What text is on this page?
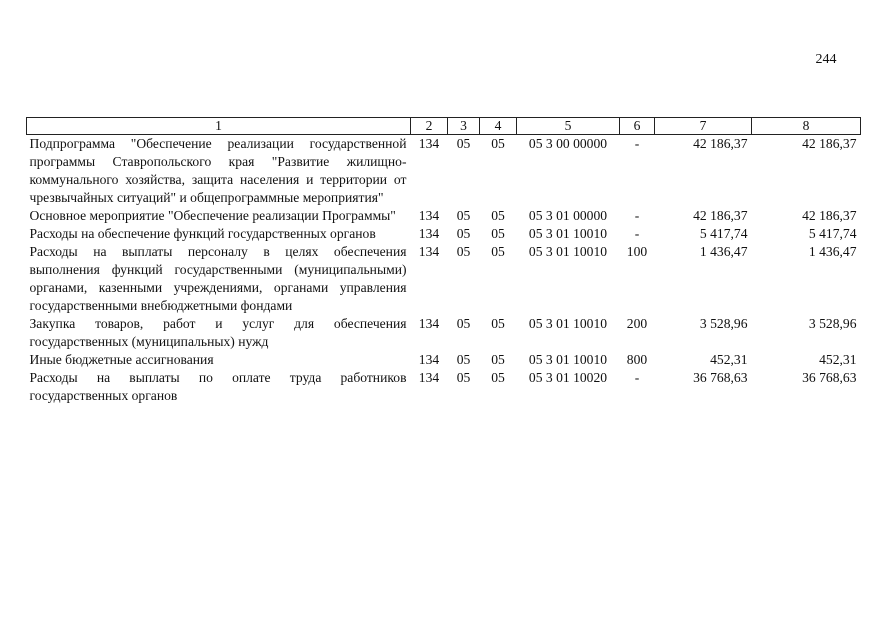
244
1	2	3	4	5	6	7	8
Подпрограмма "Обеспечение реализации государственной программы Ставропольского края "Развитие жилищно-коммунального хозяйства, защита населения и территории от чрезвычайных ситуаций" и общепрограммные мероприятия"	134	05	05	05 3 00 00000	-	42 186,37	42 186,37
Основное мероприятие "Обеспечение реализации Программы"	134	05	05	05 3 01 00000	-	42 186,37	42 186,37
Расходы на обеспечение функций государственных органов	134	05	05	05 3 01 10010	-	5 417,74	5 417,74
Расходы на выплаты персоналу в целях обеспечения выполнения функций государственными (муниципальными) органами, казенными учреждениями, органами управления государственными внебюджетными фондами	134	05	05	05 3 01 10010	100	1 436,47	1 436,47
Закупка товаров, работ и услуг для обеспечения государственных (муниципальных) нужд	134	05	05	05 3 01 10010	200	3 528,96	3 528,96
Иные бюджетные ассигнования	134	05	05	05 3 01 10010	800	452,31	452,31
Расходы на выплаты по оплате труда работников государственных органов	134	05	05	05 3 01 10020	-	36 768,63	36 768,63
